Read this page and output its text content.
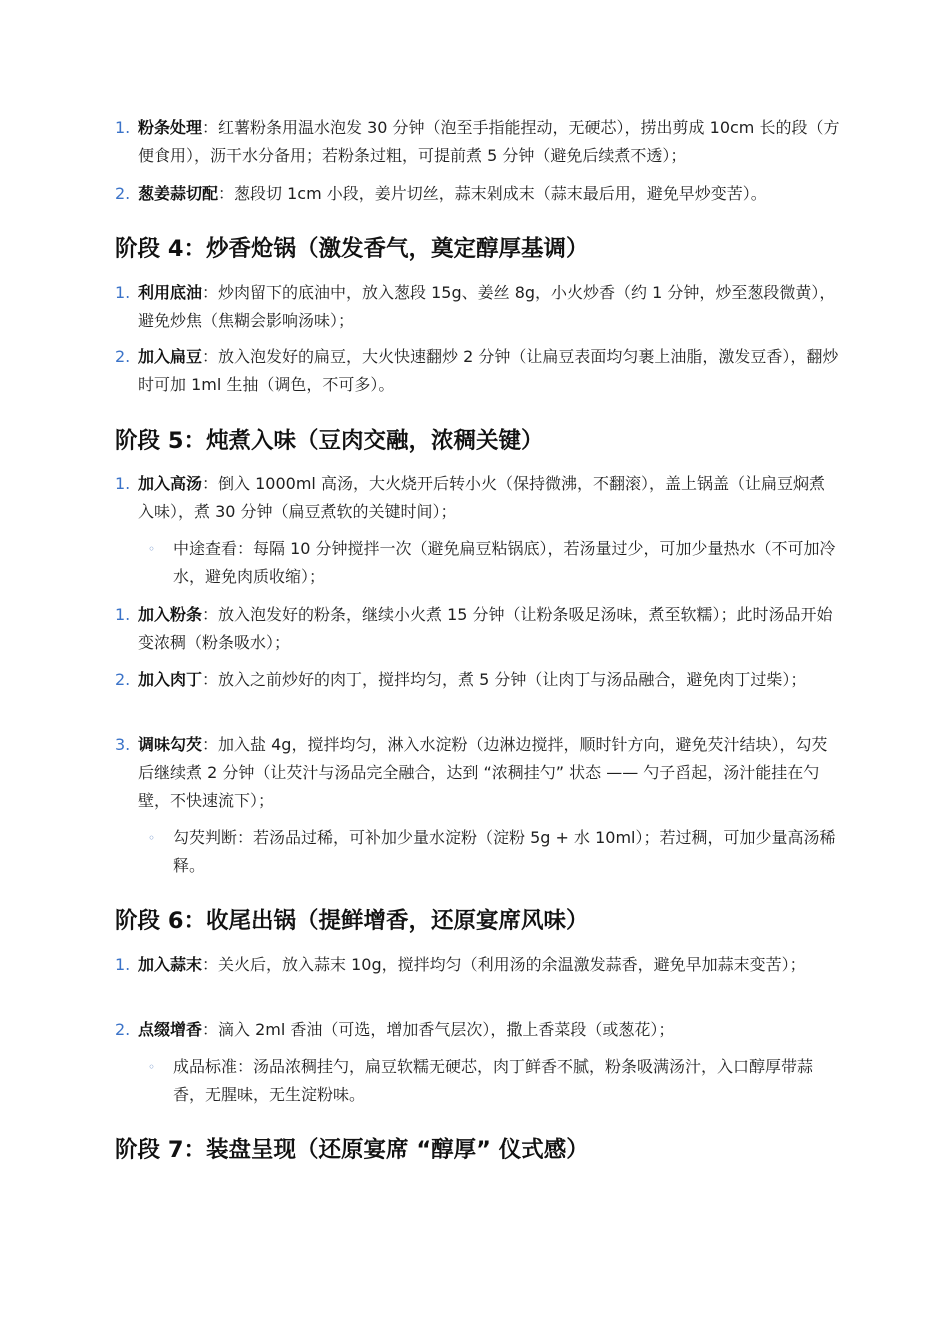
1. 粉条处理：红薯粉条用温水泡发 30 分钟（泡至手指能捏动，无硬芯），捞出剪成 10cm 长的段（方便食用），沥干水分备用；若粉条过粗，可提前煮 5 分钟（避免后续煮不透）；
2. 葱姜蒜切配：葱段切 1cm 小段，姜片切丝，蒜末剁成末（蒜末最后用，避免早炒变苦）。
阶段 4：炒香炝锅（激发香气，奠定醇厚基调）
1. 利用底油：炒肉留下的底油中，放入葱段 15g、姜丝 8g，小火炒香（约 1 分钟，炒至葱段微黄），避免炒焦（焦糊会影响汤味）；
2. 加入扁豆：放入泡发好的扁豆，大火快速翻炒 2 分钟（让扁豆表面均匀裹上油脂，激发豆香），翻炒时可加 1ml 生抽（调色，不可多）。
阶段 5：炖煮入味（豆肉交融，浓稠关键）
1. 加入高汤：倒入 1000ml 高汤，大火烧开后转小火（保持微沸，不翻滚），盖上锅盖（让扁豆焖煮入味），煮 30 分钟（扁豆煮软的关键时间）；
◦	中途查看：每隔 10 分钟搅拌一次（避免扁豆粘锅底），若汤量过少，可加少量热水（不可加冷水，避免肉质收缩）；
1. 加入粉条：放入泡发好的粉条，继续小火煮 15 分钟（让粉条吸足汤味，煮至软糯）；此时汤品开始变浓稠（粉条吸水）；
2. 加入肉丁：放入之前炒好的肉丁，搅拌均匀，煮 5 分钟（让肉丁与汤品融合，避免肉丁过柴）；
3. 调味勾芡：加入盐 4g，搅拌均匀，淋入水淀粉（边淋边搅拌，顺时针方向，避免芡汁结块），勾芡后继续煮 2 分钟（让芡汁与汤品完全融合，达到 “浓稠挂勺” 状态 —— 勺子舀起，汤汁能挂在勺壁，不快速流下）；
◦	勾芡判断：若汤品过稀，可补加少量水淀粉（淀粉 5g + 水 10ml）；若过稠，可加少量高汤稀释。
阶段 6：收尾出锅（提鲜增香，还原宴席风味）
1. 加入蒜末：关火后，放入蒜末 10g，搅拌均匀（利用汤的余温激发蒜香，避免早加蒜末变苦）；
2. 点缀增香：滴入 2ml 香油（可选，增加香气层次），撒上香菜段（或葱花）；
◦	成品标准：汤品浓稠挂勺，扁豆软糯无硬芯，肉丁鲜香不腻，粉条吸满汤汁，入口醇厚带蒜香，无腥味，无生淀粉味。
阶段 7：装盘呈现（还原宴席 “醇厚” 仪式感）
